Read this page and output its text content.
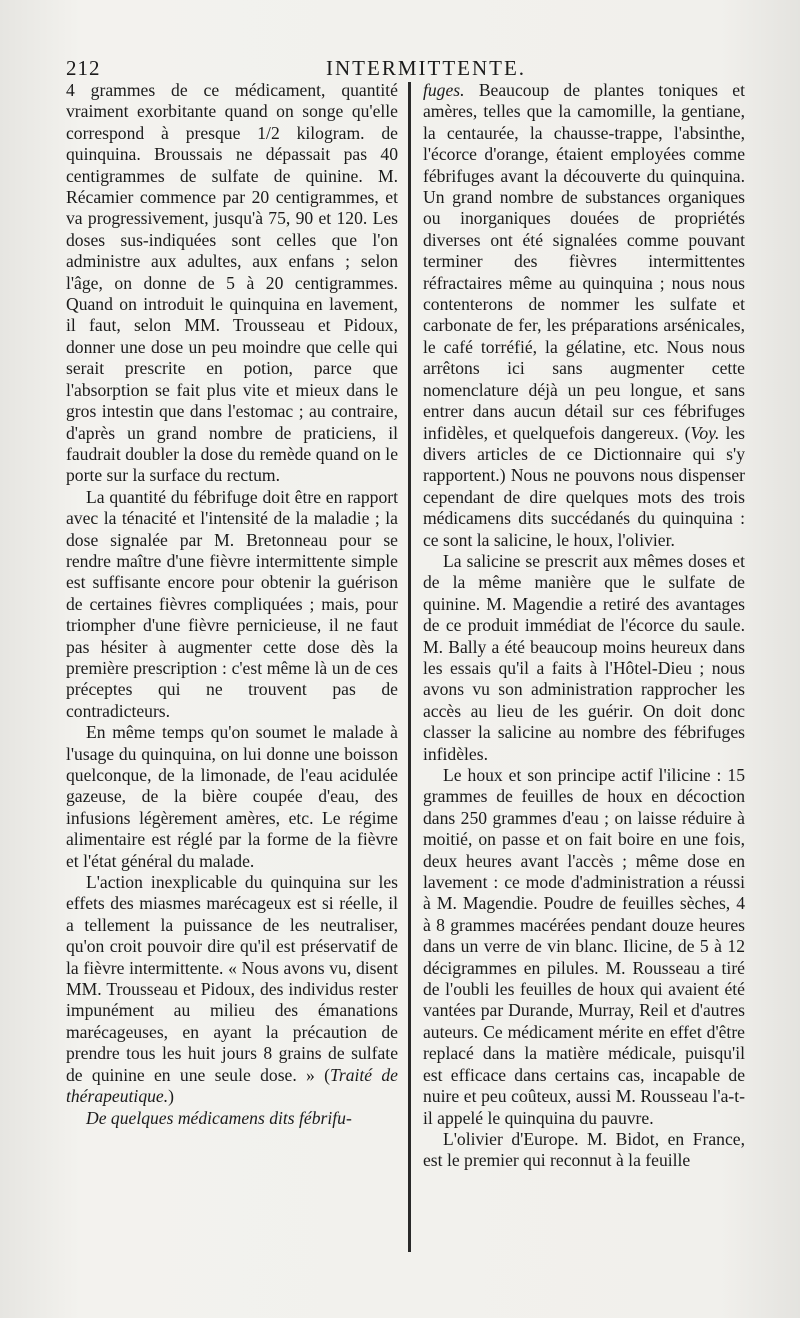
212	INTERMITTENTE.

4 grammes de ce médicament, quantité vraiment exorbitante quand on songe qu'elle correspond à presque 1/2 kilogram. de quinquina. Broussais ne dépassait pas 40 centigrammes de sulfate de quinine. M. Récamier commence par 20 centigrammes, et va progressivement, jusqu'à 75, 90 et 120. Les doses sus-indiquées sont celles que l'on administre aux adultes, aux enfans ; selon l'âge, on donne de 5 à 20 centigrammes. Quand on introduit le quinquina en lavement, il faut, selon MM. Trousseau et Pidoux, donner une dose un peu moindre que celle qui serait prescrite en potion, parce que l'absorption se fait plus vite et mieux dans le gros intestin que dans l'estomac ; au contraire, d'après un grand nombre de praticiens, il faudrait doubler la dose du remède quand on le porte sur la surface du rectum.

La quantité du fébrifuge doit être en rapport avec la ténacité et l'intensité de la maladie ; la dose signalée par M. Bretonneau pour se rendre maître d'une fièvre intermittente simple est suffisante encore pour obtenir la guérison de certaines fièvres compliquées ; mais, pour triompher d'une fièvre pernicieuse, il ne faut pas hésiter à augmenter cette dose dès la première prescription : c'est même là un de ces préceptes qui ne trouvent pas de contradicteurs.

En même temps qu'on soumet le malade à l'usage du quinquina, on lui donne une boisson quelconque, de la limonade, de l'eau acidulée gazeuse, de la bière coupée d'eau, des infusions légèrement amères, etc. Le régime alimentaire est réglé par la forme de la fièvre et l'état général du malade.

L'action inexplicable du quinquina sur les effets des miasmes marécageux est si réelle, il a tellement la puissance de les neutraliser, qu'on croit pouvoir dire qu'il est préservatif de la fièvre intermittente. « Nous avons vu, disent MM. Trousseau et Pidoux, des individus rester impunément au milieu des émanations marécageuses, en ayant la précaution de prendre tous les huit jours 8 grains de sulfate de quinine en une seule dose. » (Traité de thérapeutique.)

De quelques médicamens dits fébrifu-

fuges. Beaucoup de plantes toniques et amères, telles que la camomille, la gentiane, la centaurée, la chausse-trappe, l'absinthe, l'écorce d'orange, étaient employées comme fébrifuges avant la découverte du quinquina. Un grand nombre de substances organiques ou inorganiques douées de propriétés diverses ont été signalées comme pouvant terminer des fièvres intermittentes réfractaires même au quinquina ; nous nous contenterons de nommer les sulfate et carbonate de fer, les préparations arsénicales, le café torréfié, la gélatine, etc. Nous nous arrêtons ici sans augmenter cette nomenclature déjà un peu longue, et sans entrer dans aucun détail sur ces fébrifuges infidèles, et quelquefois dangereux. (Voy. les divers articles de ce Dictionnaire qui s'y rapportent.) Nous ne pouvons nous dispenser cependant de dire quelques mots des trois médicamens dits succédanés du quinquina : ce sont la salicine, le houx, l'olivier.

La salicine se prescrit aux mêmes doses et de la même manière que le sulfate de quinine. M. Magendie a retiré des avantages de ce produit immédiat de l'écorce du saule. M. Bally a été beaucoup moins heureux dans les essais qu'il a faits à l'Hôtel-Dieu ; nous avons vu son administration rapprocher les accès au lieu de les guérir. On doit donc classer la salicine au nombre des fébrifuges infidèles.

Le houx et son principe actif l'ilicine : 15 grammes de feuilles de houx en décoction dans 250 grammes d'eau ; on laisse réduire à moitié, on passe et on fait boire en une fois, deux heures avant l'accès ; même dose en lavement : ce mode d'administration a réussi à M. Magendie. Poudre de feuilles sèches, 4 à 8 grammes macérées pendant douze heures dans un verre de vin blanc. Ilicine, de 5 à 12 décigrammes en pilules. M. Rousseau a tiré de l'oubli les feuilles de houx qui avaient été vantées par Durande, Murray, Reil et d'autres auteurs. Ce médicament mérite en effet d'être replacé dans la matière médicale, puisqu'il est efficace dans certains cas, incapable de nuire et peu coûteux, aussi M. Rousseau l'a-t-il appelé le quinquina du pauvre.

L'olivier d'Europe. M. Bidot, en France, est le premier qui reconnut à la feuille
